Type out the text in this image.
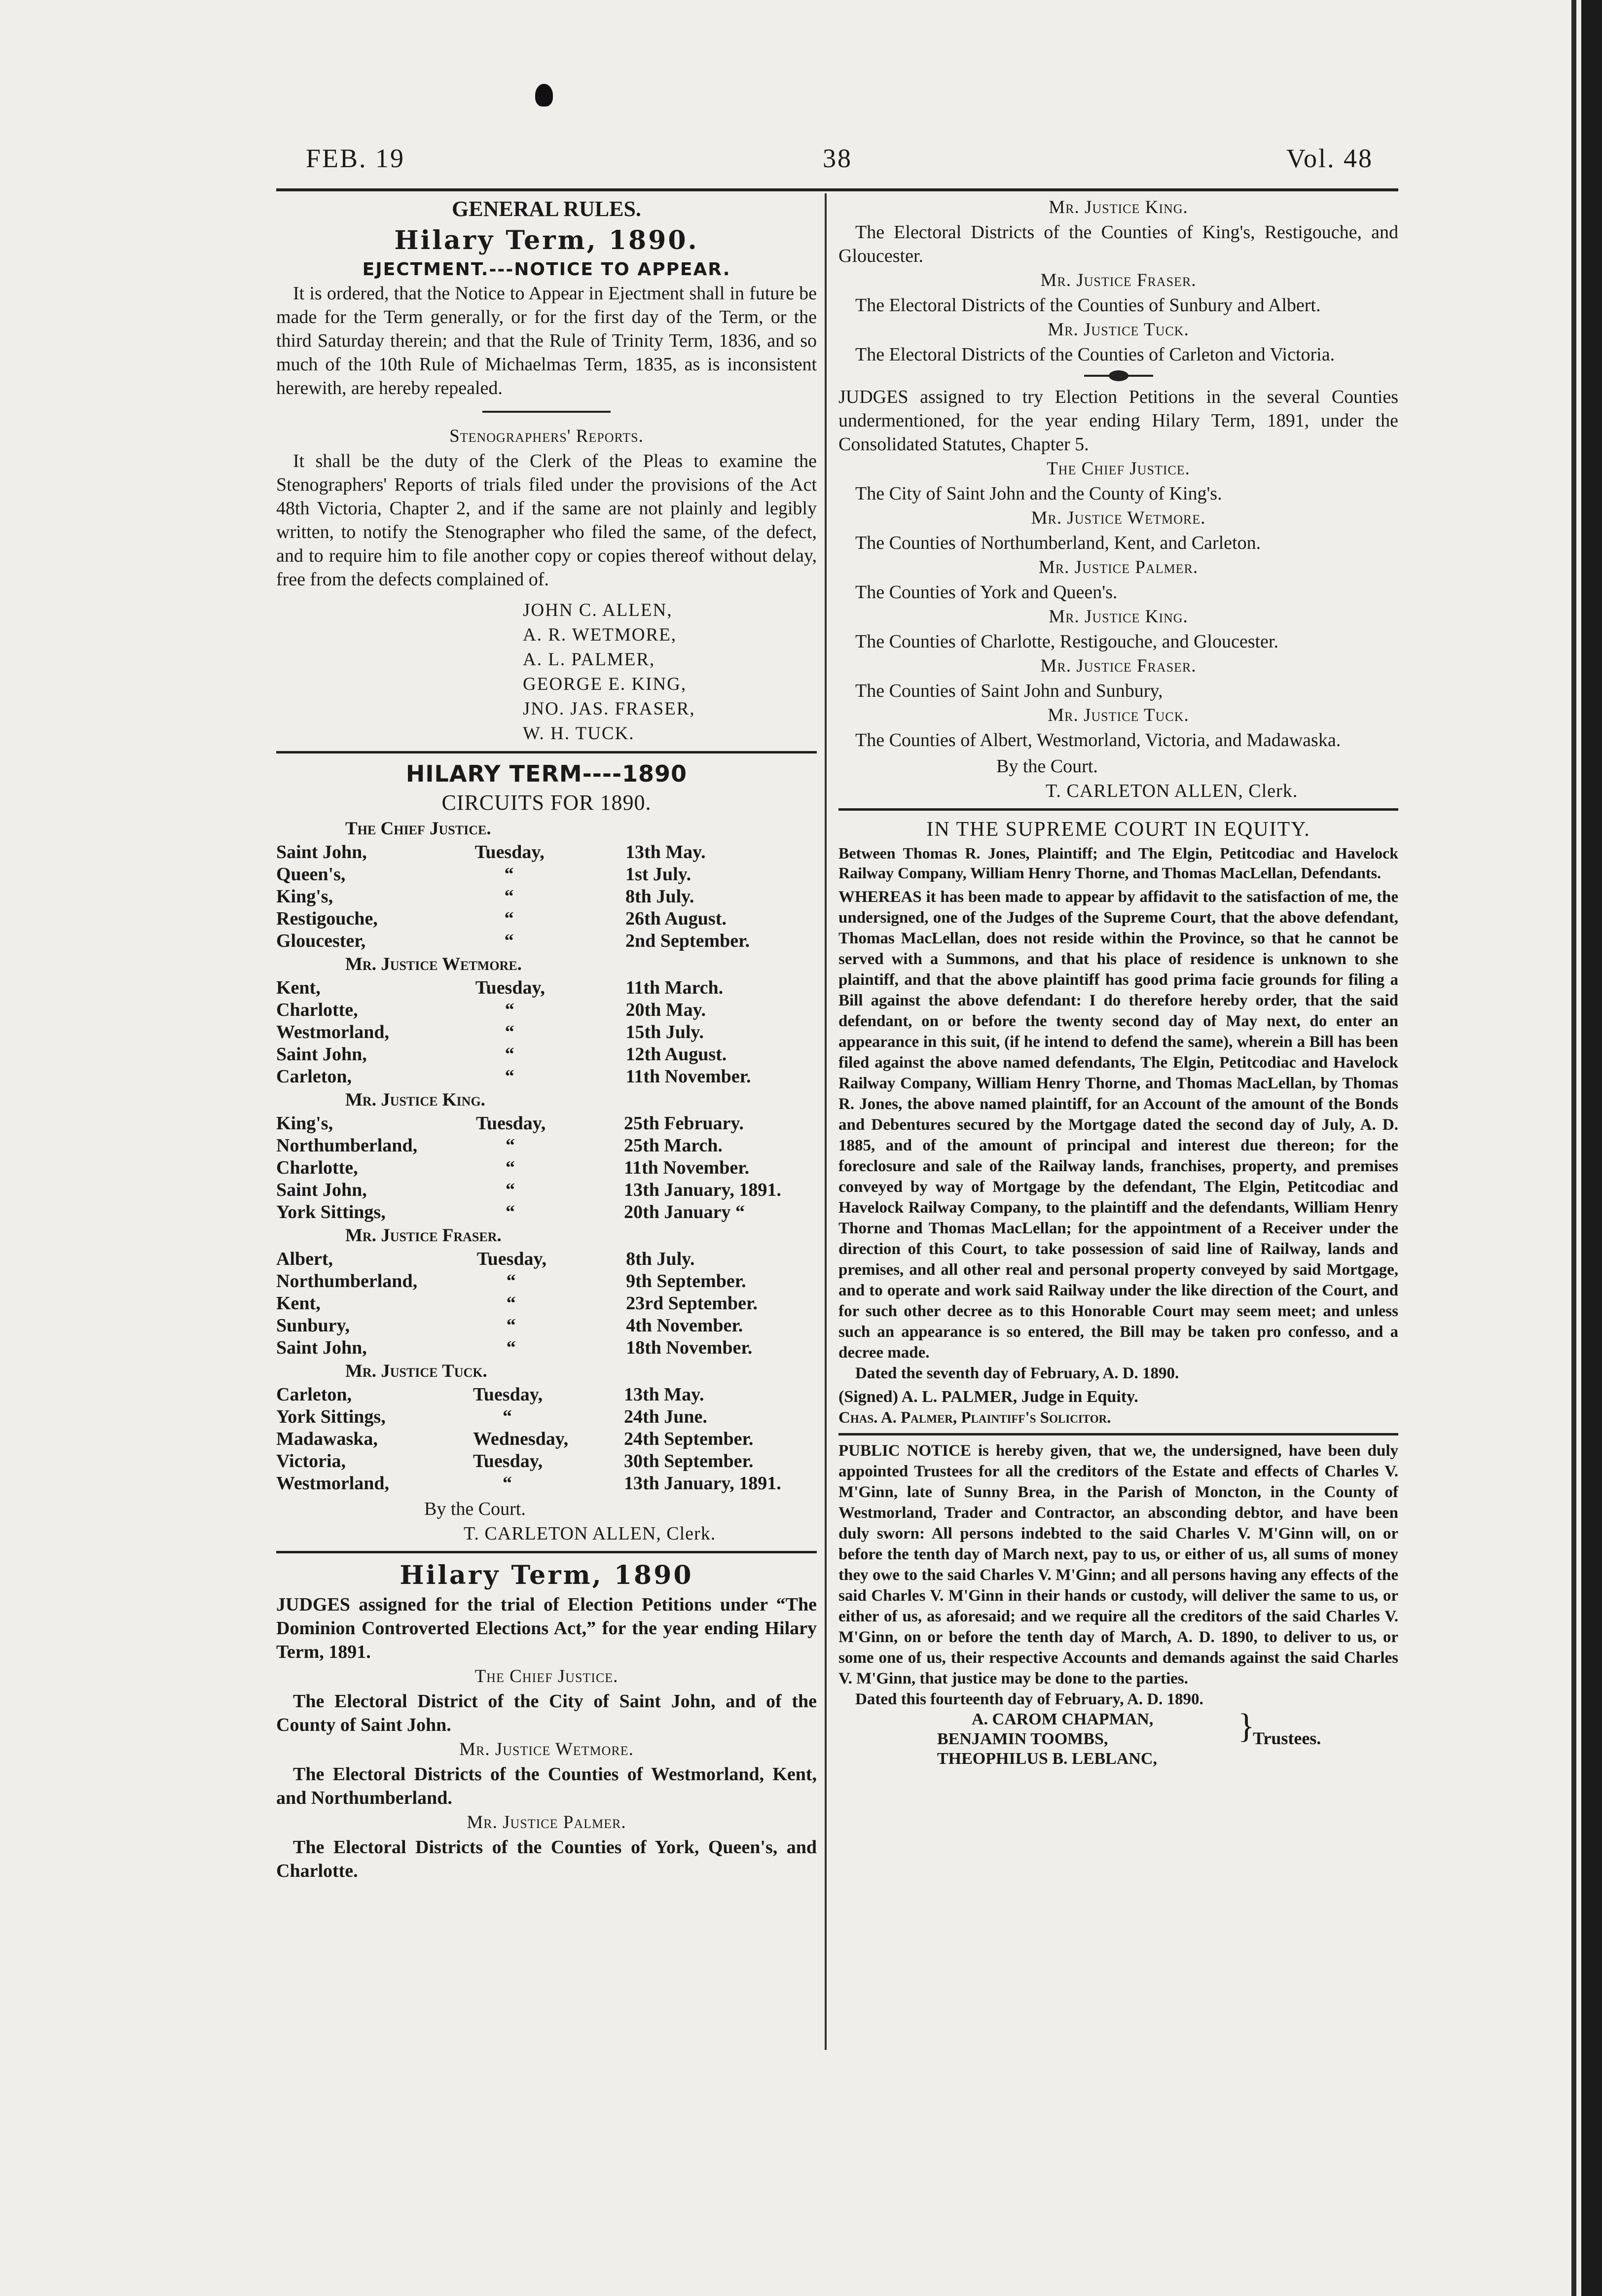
FEB. 19	38	Vol. 48

GENERAL RULES.

Hilary Term, 1890.

EJECTMENT.---NOTICE TO APPEAR.

It is ordered, that the Notice to Appear in Ejectment shall in future be made for the Term generally, or for the first day of the Term, or the third Saturday therein; and that the Rule of Trinity Term, 1836, and so much of the 10th Rule of Michaelmas Term, 1835, as is inconsistent herewith, are hereby repealed.

Stenographers' Reports.

It shall be the duty of the Clerk of the Pleas to examine the Stenographers' Reports of trials filed under the provisions of the Act 48th Victoria, Chapter 2, and if the same are not plainly and legibly written, to notify the Stenographer who filed the same, of the defect, and to require him to file another copy or copies thereof without delay, free from the defects complained of.

JOHN C. ALLEN,
A. R. WETMORE,
A. L. PALMER,
GEORGE E. KING,
JNO. JAS. FRASER,
W. H. TUCK.

HILARY TERM----1890

CIRCUITS FOR 1890.

The Chief Justice.

Saint John,	Tuesday,	13th May.
Queen's,	“	1st July.
King's,	“	8th July.
Restigouche,	“	26th August.
Gloucester,	“	2nd September.

Mr. Justice Wetmore.

Kent,	Tuesday,	11th March.
Charlotte,	“	20th May.
Westmorland,	“	15th July.
Saint John,	“	12th August.
Carleton,	“	11th November.

Mr. Justice King.

King's,	Tuesday,	25th February.
Northumberland,	“	25th March.
Charlotte,	“	11th November.
Saint John,	“	13th January, 1891.
York Sittings,	“	20th January “

Mr. Justice Fraser.

Albert,	Tuesday,	8th July.
Northumberland,	“	9th September.
Kent,	“	23rd September.
Sunbury,	“	4th November.
Saint John,	“	18th November.

Mr. Justice Tuck.

Carleton,	Tuesday,	13th May.
York Sittings,	“	24th June.
Madawaska,	Wednesday,	24th September.
Victoria,	Tuesday,	30th September.
Westmorland,	“	13th January, 1891.

By the Court.

T. CARLETON ALLEN, Clerk.

Hilary Term, 1890

JUDGES assigned for the trial of Election Petitions under “The Dominion Controverted Elections Act,” for the year ending Hilary Term, 1891.

The Chief Justice.

The Electoral District of the City of Saint John, and of the County of Saint John.

Mr. Justice Wetmore.

The Electoral Districts of the Counties of Westmorland, Kent, and Northumberland.

Mr. Justice Palmer.

The Electoral Districts of the Counties of York, Queen's, and Charlotte.

Mr. Justice King.

The Electoral Districts of the Counties of King's, Restigouche, and Gloucester.

Mr. Justice Fraser.

The Electoral Districts of the Counties of Sunbury and Albert.

Mr. Justice Tuck.

The Electoral Districts of the Counties of Carleton and Victoria.

JUDGES assigned to try Election Petitions in the several Counties undermentioned, for the year ending Hilary Term, 1891, under the Consolidated Statutes, Chapter 5.

The Chief Justice.

The City of Saint John and the County of King's.

Mr. Justice Wetmore.

The Counties of Northumberland, Kent, and Carleton.

Mr. Justice Palmer.

The Counties of York and Queen's.

Mr. Justice King.

The Counties of Charlotte, Restigouche, and Gloucester.

Mr. Justice Fraser.

The Counties of Saint John and Sunbury,

Mr. Justice Tuck.

The Counties of Albert, Westmorland, Victoria, and Madawaska.

By the Court.

T. CARLETON ALLEN, Clerk.

IN THE SUPREME COURT IN EQUITY.

Between Thomas R. Jones, Plaintiff; and The Elgin, Petitcodiac and Havelock Railway Company, William Henry Thorne, and Thomas MacLellan, Defendants.

WHEREAS it has been made to appear by affidavit to the satisfaction of me, the undersigned, one of the Judges of the Supreme Court, that the above defendant, Thomas MacLellan, does not reside within the Province, so that he cannot be served with a Summons, and that his place of residence is unknown to she plaintiff, and that the above plaintiff has good prima facie grounds for filing a Bill against the above defendant: I do therefore hereby order, that the said defendant, on or before the twenty second day of May next, do enter an appearance in this suit, (if he intend to defend the same), wherein a Bill has been filed against the above named defendants, The Elgin, Petitcodiac and Havelock Railway Company, William Henry Thorne, and Thomas MacLellan, by Thomas R. Jones, the above named plaintiff, for an Account of the amount of the Bonds and Debentures secured by the Mortgage dated the second day of July, A. D. 1885, and of the amount of principal and interest due thereon; for the foreclosure and sale of the Railway lands, franchises, property, and premises conveyed by way of Mortgage by the defendant, The Elgin, Petitcodiac and Havelock Railway Company, to the plaintiff and the defendants, William Henry Thorne and Thomas MacLellan; for the appointment of a Receiver under the direction of this Court, to take possession of said line of Railway, lands and premises, and all other real and personal property conveyed by said Mortgage, and to operate and work said Railway under the like direction of the Court, and for such other decree as to this Honorable Court may seem meet; and unless such an appearance is so entered, the Bill may be taken pro confesso, and a decree made.

Dated the seventh day of February, A. D. 1890.

(Signed) A. L. PALMER, Judge in Equity.

Chas. A. Palmer, Plaintiff's Solicitor.

PUBLIC NOTICE is hereby given, that we, the undersigned, have been duly appointed Trustees for all the creditors of the Estate and effects of Charles V. M'Ginn, late of Sunny Brea, in the Parish of Moncton, in the County of Westmorland, Trader and Contractor, an absconding debtor, and have been duly sworn: All persons indebted to the said Charles V. M'Ginn will, on or before the tenth day of March next, pay to us, or either of us, all sums of money they owe to the said Charles V. M'Ginn; and all persons having any effects of the said Charles V. M'Ginn in their hands or custody, will deliver the same to us, or either of us, as aforesaid; and we require all the creditors of the said Charles V. M'Ginn, on or before the tenth day of March, A. D. 1890, to deliver to us, or some one of us, their respective Accounts and demands against the said Charles V. M'Ginn, that justice may be done to the parties.

Dated this fourteenth day of February, A. D. 1890.

A. CAROM CHAPMAN,
BENJAMIN TOOMBS,
THEOPHILUS B. LEBLANC,
}
Trustees.
